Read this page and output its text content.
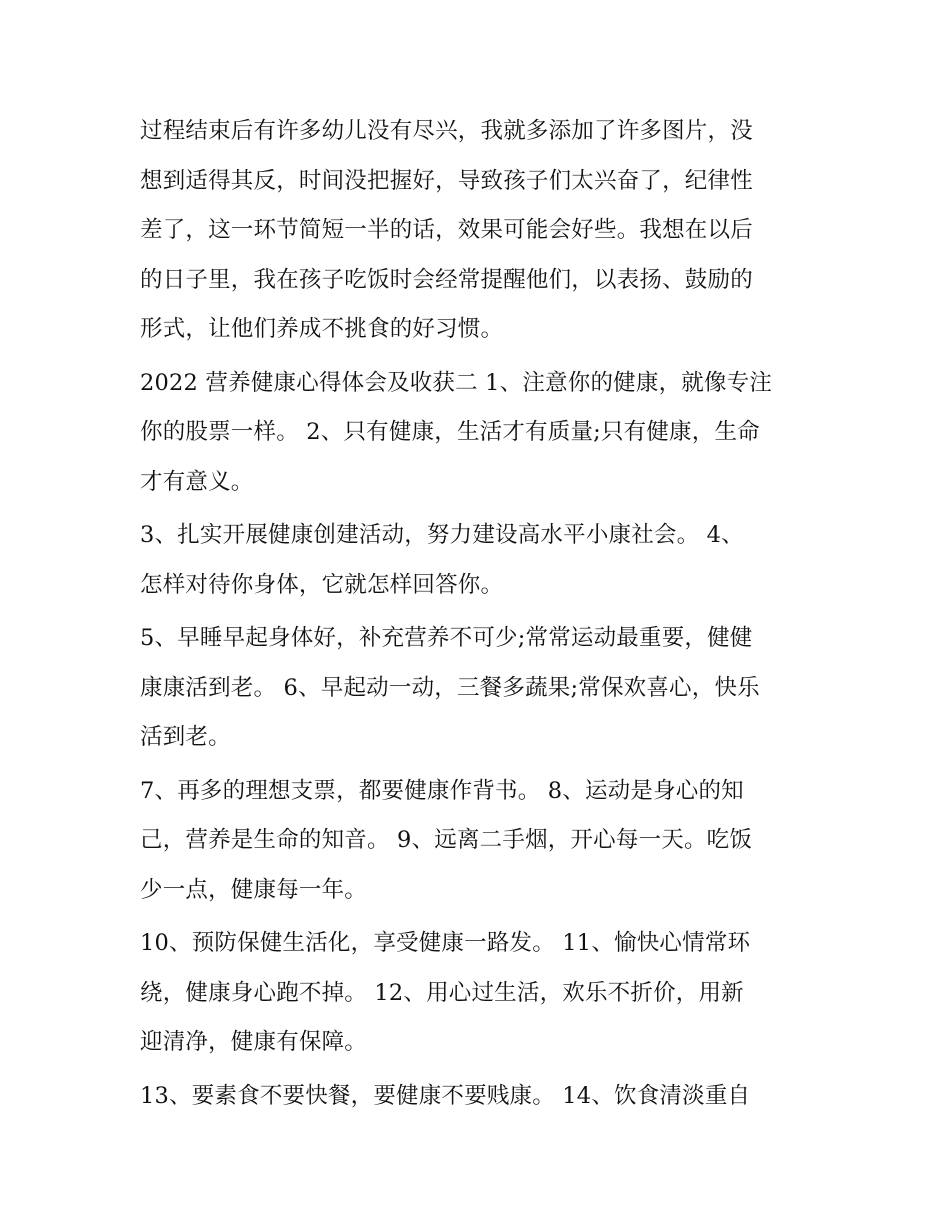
过程结束后有许多幼儿没有尽兴，我就多添加了许多图片，没
想到适得其反，时间没把握好，导致孩子们太兴奋了，纪律性
差了，这一环节简短一半的话，效果可能会好些。我想在以后
的日子里，我在孩子吃饭时会经常提醒他们，以表扬、鼓励的
形式，让他们养成不挑食的好习惯。

2022 营养健康心得体会及收获二 1、注意你的健康，就像专注
你的股票一样。 2、只有健康，生活才有质量;只有健康，生命
才有意义。

3、扎实开展健康创建活动，努力建设高水平小康社会。 4、
怎样对待你身体，它就怎样回答你。

5、早睡早起身体好，补充营养不可少;常常运动最重要，健健
康康活到老。 6、早起动一动，三餐多蔬果;常保欢喜心，快乐
活到老。

7、再多的理想支票，都要健康作背书。 8、运动是身心的知
己，营养是生命的知音。 9、远离二手烟，开心每一天。吃饭
少一点，健康每一年。

10、预防保健生活化，享受健康一路发。 11、愉快心情常环
绕，健康身心跑不掉。 12、用心过生活，欢乐不折价，用新
迎清净，健康有保障。

13、要素食不要快餐，要健康不要贱康。 14、饮食清淡重自
